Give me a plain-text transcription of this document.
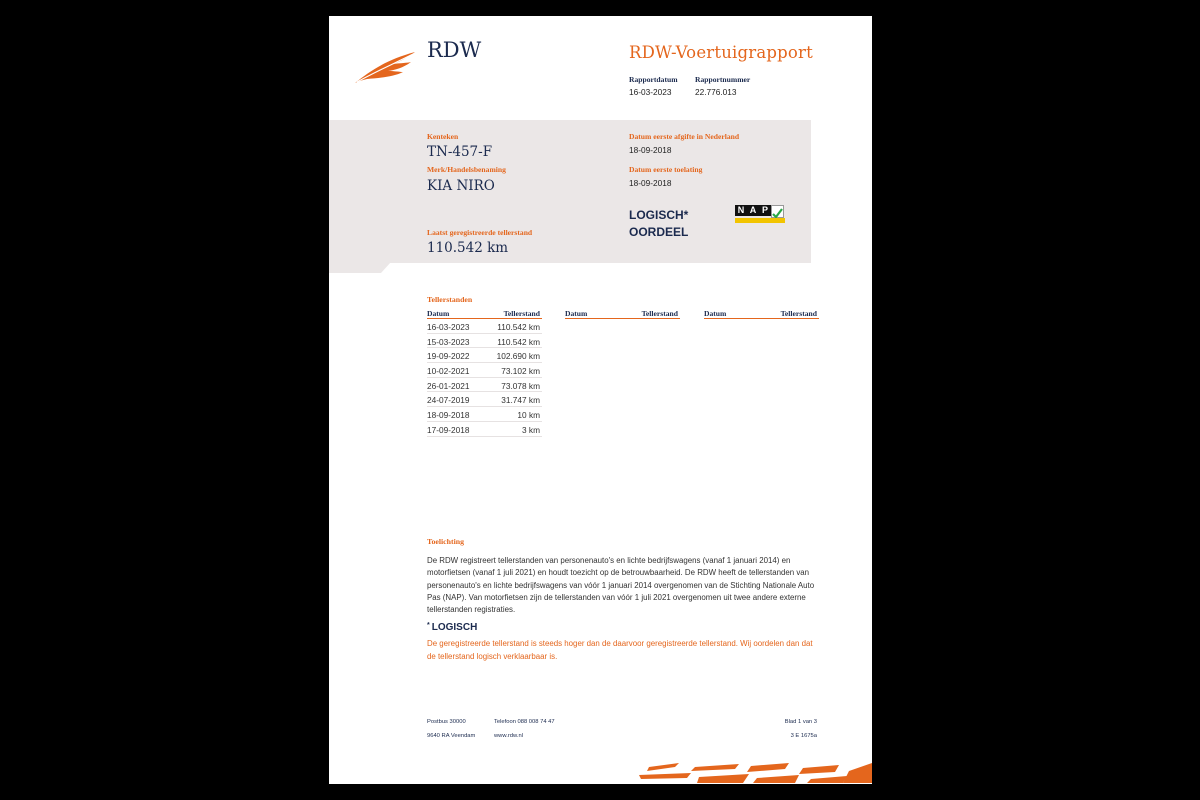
RDW	RDW-Voertuigrapport
Rapportdatum
16-03-2023
Rapportnummer
22.776.013
Kenteken
TN-457-F
Merk/Handelsbenaming
KIA NIRO
Laatst geregistreerde tellerstand
110.542 km
Datum eerste afgifte in Nederland
18-09-2018
Datum eerste toelating
18-09-2018
LOGISCH*
OORDEEL
N A P
Tellerstanden
Datum	Tellerstand
16-03-2023	110.542 km
15-03-2023	110.542 km
19-09-2022	102.690 km
10-02-2021	73.102 km
26-01-2021	73.078 km
24-07-2019	31.747 km
18-09-2018	10 km
17-09-2018	3 km
Datum	Tellerstand	Datum	Tellerstand
Toelichting
De RDW registreert tellerstanden van personenauto's en lichte bedrijfswagens (vanaf 1 januari 2014) en motorfietsen (vanaf 1 juli 2021) en houdt toezicht op de betrouwbaarheid. De RDW heeft de tellerstanden van personenauto's en lichte bedrijfswagens van vóór 1 januari 2014 overgenomen van de Stichting Nationale Auto Pas (NAP). Van motorfietsen zijn de tellerstanden van vóór 1 juli 2021 overgenomen uit twee andere externe tellerstanden registraties.
* LOGISCH
De geregistreerde tellerstand is steeds hoger dan de daarvoor geregistreerde tellerstand. Wij oordelen dan dat de tellerstand logisch verklaarbaar is.
Postbus 30000
9640 RA Veendam
Telefoon 088 008 74 47
www.rdw.nl
Blad 1 van 3
3 E 1675a
